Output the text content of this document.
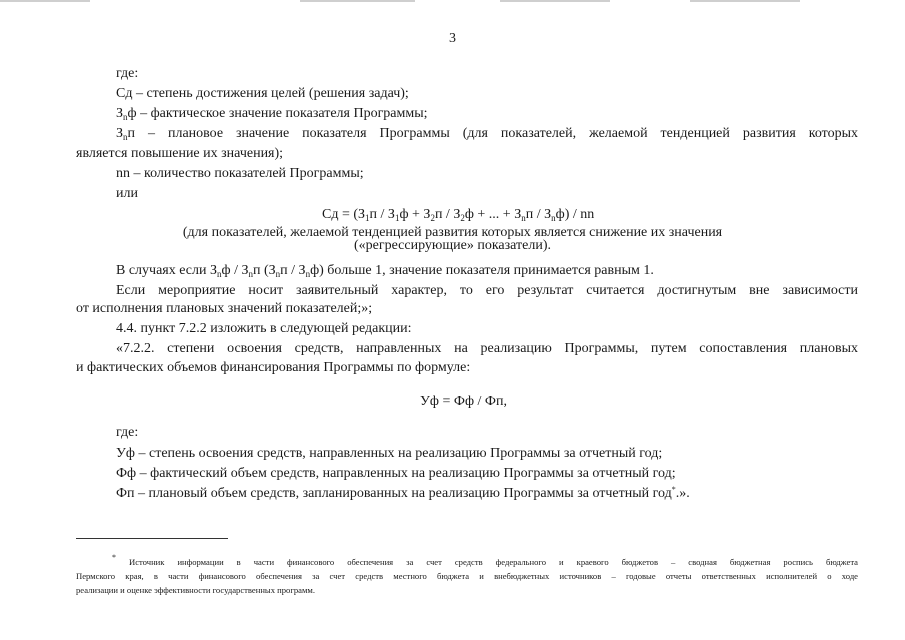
3
где:
Сд – степень достижения целей (решения задач);
$З_nф$ – фактическое значение показателя Программы;
$З_nп$ – плановое значение показателя Программы (для показателей, желаемой тенденцией развития которых
является повышение их значения);
nn – количество показателей Программы;
или
Сд = ($З_1п / З_1ф + З_2п / З_2ф$ + ... + $З_nп / З_nф$) / nn
(для показателей, желаемой тенденцией развития которых является снижение их значения
(«регрессирующие» показатели).
В случаях если $З_nф / З_nп$ $(З_nп / З_nф)$ больше 1, значение показателя принимается равным 1.
Если мероприятие носит заявительный характер, то его результат считается достигнутым вне зависимости
от исполнения плановых значений показателей;»;
4.4. пункт 7.2.2 изложить в следующей редакции:
«7.2.2. степени освоения средств, направленных на реализацию Программы, путем сопоставления плановых
и фактических объемов финансирования Программы по формуле:
Уф = Фф / Фп,
где:
Уф – степень освоения средств, направленных на реализацию Программы за отчетный год;
Фф – фактический объем средств, направленных на реализацию Программы за отчетный год;
Фп – плановый объем средств, запланированных на реализацию Программы за отчетный год*.».
* Источник информации в части финансового обеспечения за счет средств федерального и краевого бюджетов – сводная бюджетная роспись бюджета
Пермского края, в части финансового обеспечения за счет средств местного бюджета и внебюджетных источников – годовые отчеты ответственных исполнителей о ходе
реализации и оценке эффективности государственных программ.
